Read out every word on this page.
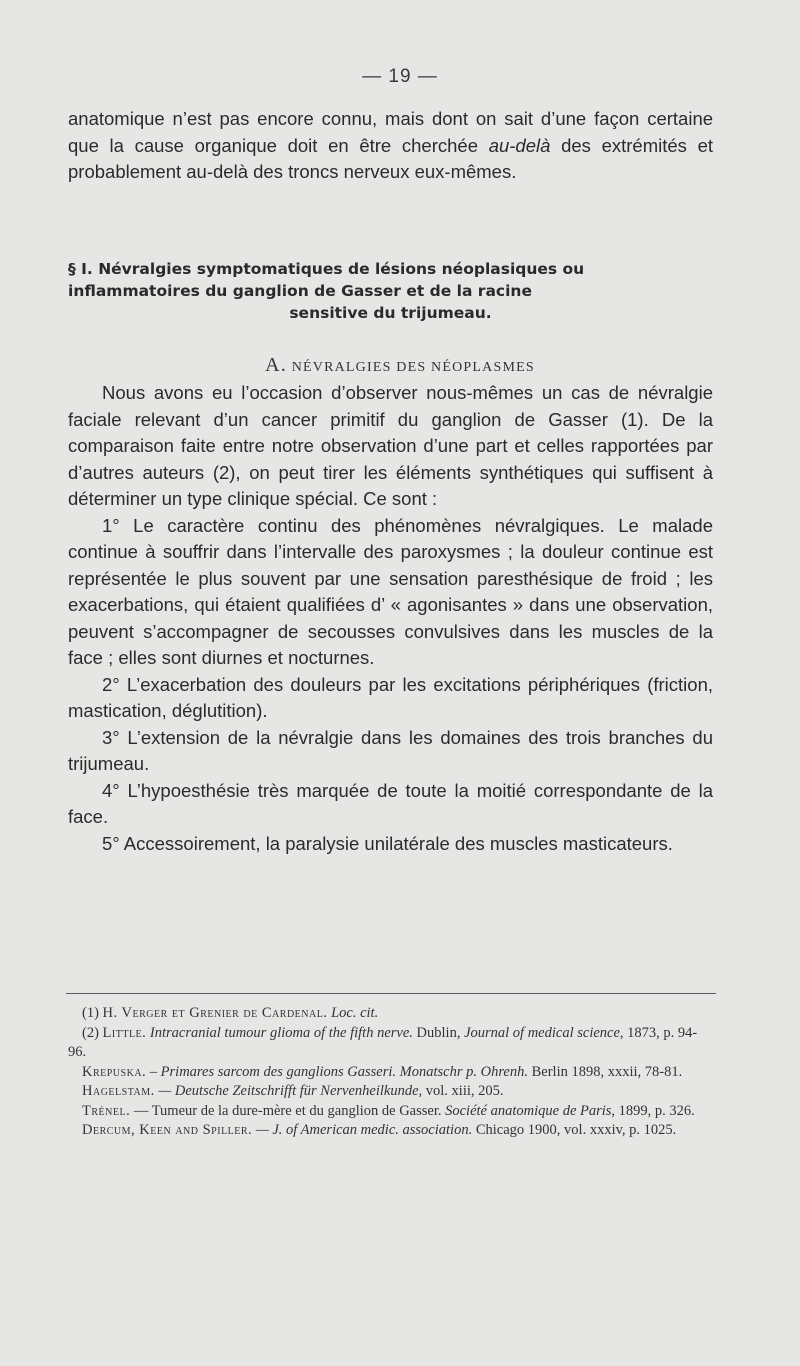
— 19 —

anatomique n’est pas encore connu, mais dont on sait d’une façon certaine que la cause organique doit en être cherchée au-delà des extrémités et probablement au-delà des troncs nerveux eux-mêmes.

§ I. Névralgies symptomatiques de lésions néoplasiques ou inflammatoires du ganglion de Gasser et de la racine
sensitive du trijumeau.
A. NÉVRALGIES DES NÉOPLASMES

Nous avons eu l’occasion d’observer nous-mêmes un cas de névralgie faciale relevant d’un cancer primitif du ganglion de Gasser (1). De la comparaison faite entre notre observation d’une part et celles rapportées par d’autres auteurs (2), on peut tirer les éléments synthétiques qui suffisent à déterminer un type clinique spécial. Ce sont :

1° Le caractère continu des phénomènes névralgiques. Le malade continue à souffrir dans l’intervalle des paroxysmes ; la douleur continue est représentée le plus souvent par une sensation paresthésique de froid ; les exacerbations, qui étaient qualifiées d’ « agonisantes » dans une observation, peuvent s’accompagner de secousses convulsives dans les muscles de la face ; elles sont diurnes et nocturnes.

2° L’exacerbation des douleurs par les excitations périphériques (friction, mastication, déglutition).

3° L’extension de la névralgie dans les domaines des trois branches du trijumeau.

4° L’hypoesthésie très marquée de toute la moitié correspondante de la face.

5° Accessoirement, la paralysie unilatérale des muscles masticateurs.

(1) H. Verger et Grenier de Cardenal. Loc. cit.

(2) Little. Intracranial tumour glioma of the fifth nerve. Dublin, Journal of medical science, 1873, p. 94-96.

Krepuska. – Primares sarcom des ganglions Gasseri. Monatschr p. Ohrenh. Berlin 1898, xxxii, 78-81.

Hagelstam. — Deutsche Zeitschrifft für Nervenheilkunde, vol. xiii, 205.

Trénel. — Tumeur de la dure-mère et du ganglion de Gasser. Société anatomique de Paris, 1899, p. 326.

Dercum, Keen and Spiller. — J. of American medic. association. Chicago 1900, vol. xxxiv, p. 1025.
